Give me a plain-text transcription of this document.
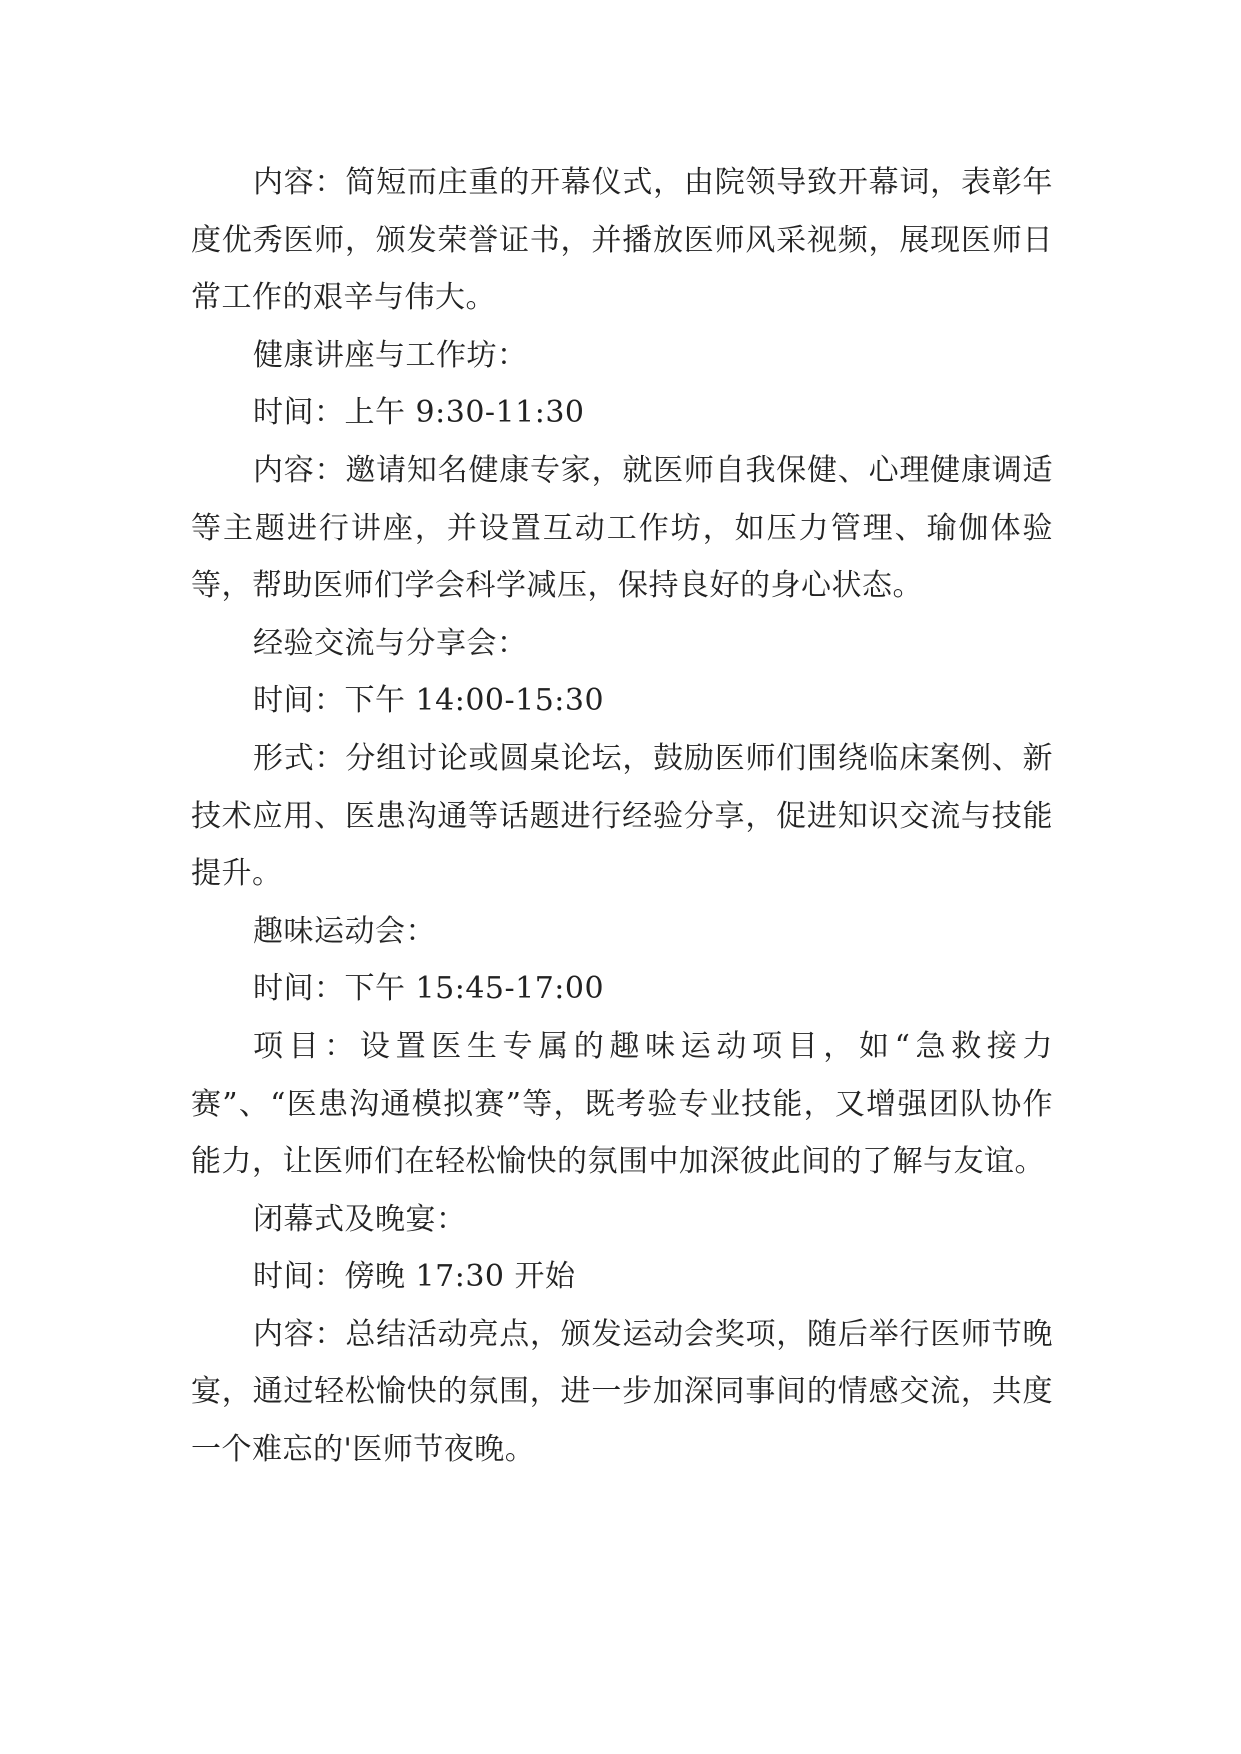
内容：简短而庄重的开幕仪式，由院领导致开幕词，表彰年度优秀医师，颁发荣誉证书，并播放医师风采视频，展现医师日常工作的艰辛与伟大。

健康讲座与工作坊：

时间：上午 9:30-11:30

内容：邀请知名健康专家，就医师自我保健、心理健康调适等主题进行讲座，并设置互动工作坊，如压力管理、瑜伽体验等，帮助医师们学会科学减压，保持良好的身心状态。

经验交流与分享会：

时间：下午 14:00-15:30

形式：分组讨论或圆桌论坛，鼓励医师们围绕临床案例、新技术应用、医患沟通等话题进行经验分享，促进知识交流与技能提升。

趣味运动会：

时间：下午 15:45-17:00

项目：设置医生专属的趣味运动项目，如“急救接力赛”、“医患沟通模拟赛”等，既考验专业技能，又增强团队协作能力，让医师们在轻松愉快的氛围中加深彼此间的了解与友谊。

闭幕式及晚宴：

时间：傍晚 17:30 开始

内容：总结活动亮点，颁发运动会奖项，随后举行医师节晚宴，通过轻松愉快的氛围，进一步加深同事间的情感交流，共度一个难忘的'医师节夜晚。
